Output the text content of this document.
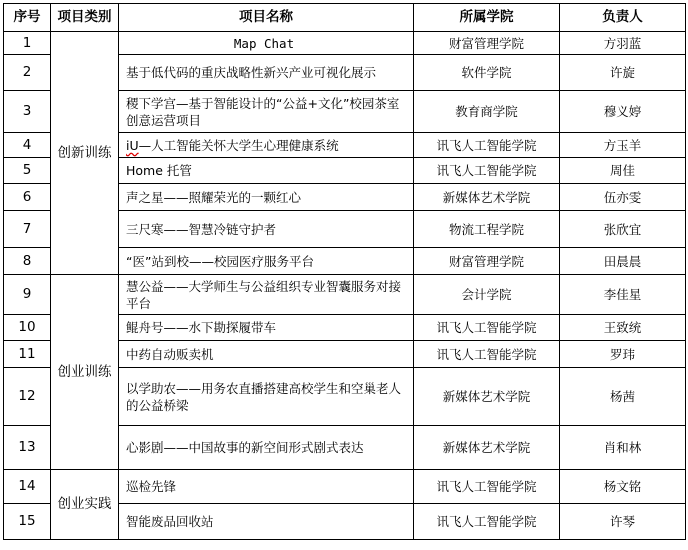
序号	项目类别	项目名称	所属学院	负责人
1	创新训练	Map Chat	财富管理学院	方羽蓝
2		基于低代码的重庆战略性新兴产业可视化展示	软件学院	许旋
3		稷下学宫—基于智能设计的“公益+文化”校园茶室创意运营项目	教育商学院	穆义婷
4		iU—人工智能关怀大学生心理健康系统	讯飞人工智能学院	方玉羊
5		Home 托管	讯飞人工智能学院	周佳
6		声之星——照耀荣光的一颗红心	新媒体艺术学院	伍亦雯
7		三尺寒——智慧冷链守护者	物流工程学院	张欣宜
8		“医”站到校——校园医疗服务平台	财富管理学院	田晨晨
9	创业训练	慧公益——大学师生与公益组织专业智囊服务对接平台	会计学院	李佳星
10		鲲舟号——水下勘探履带车	讯飞人工智能学院	王致统
11		中药自动贩卖机	讯飞人工智能学院	罗玮
12		以学助农——用务农直播搭建高校学生和空巢老人的公益桥梁	新媒体艺术学院	杨茜
13		心影剧——中国故事的新空间形式剧式表达	新媒体艺术学院	肖和林
14	创业实践	巡检先锋	讯飞人工智能学院	杨文铭
15		智能废品回收站	讯飞人工智能学院	许琴
